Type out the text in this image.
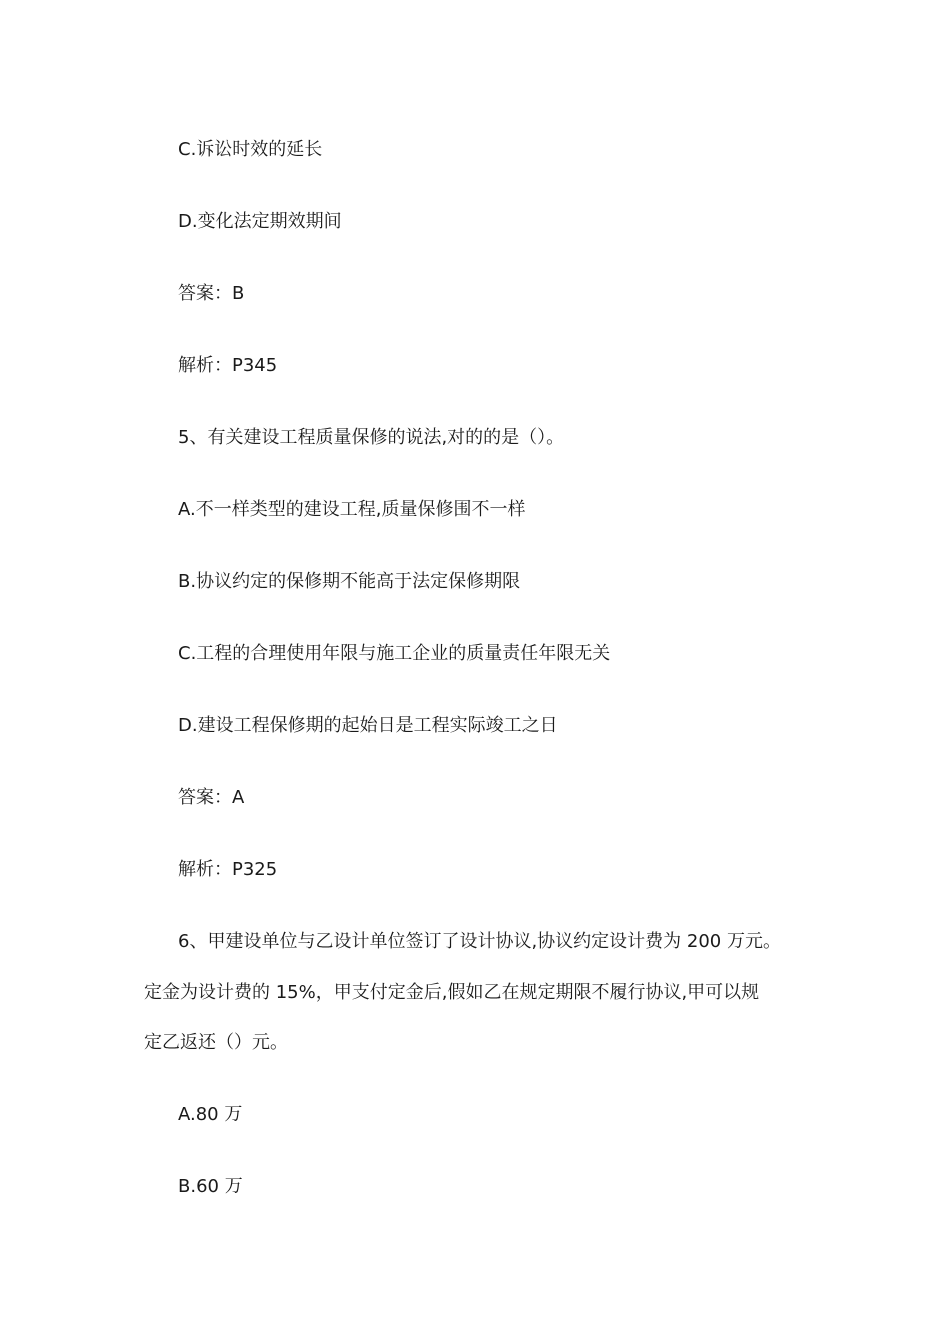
C.诉讼时效的延长
D.变化法定期效期间
答案：B
解析：P345
5、有关建设工程质量保修的说法,对的的是（）。
A.不一样类型的建设工程,质量保修围不一样
B.协议约定的保修期不能高于法定保修期限
C.工程的合理使用年限与施工企业的质量责任年限无关
D.建设工程保修期的起始日是工程实际竣工之日
答案：A
解析：P325
6、甲建设单位与乙设计单位签订了设计协议,协议约定设计费为 200 万元。
定金为设计费的 15%，甲支付定金后,假如乙在规定期限不履行协议,甲可以规
定乙返还（）元。
A.80 万
B.60 万
